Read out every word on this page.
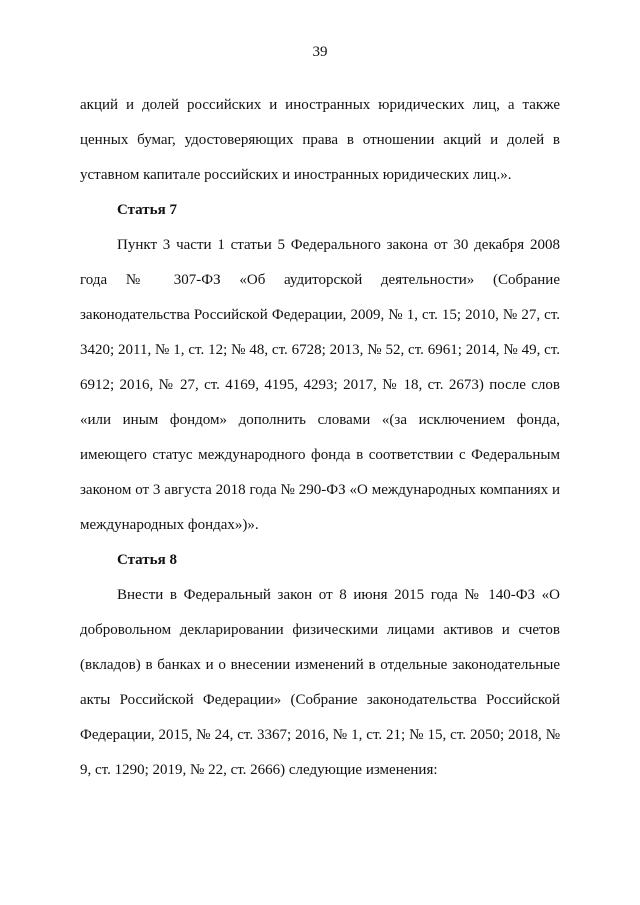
39

акций и долей российских и иностранных юридических лиц, а также ценных бумаг, удостоверяющих права в отношении акций и долей в уставном капитале российских и иностранных юридических лиц.».

Статья 7

Пункт 3 части 1 статьи 5 Федерального закона от 30 декабря 2008 года № 307-ФЗ «Об аудиторской деятельности» (Собрание законодательства Российской Федерации, 2009, № 1, ст. 15; 2010, № 27, ст. 3420; 2011, № 1, ст. 12; № 48, ст. 6728; 2013, № 52, ст. 6961; 2014, № 49, ст. 6912; 2016, № 27, ст. 4169, 4195, 4293; 2017, № 18, ст. 2673) после слов «или иным фондом» дополнить словами «(за исключением фонда, имеющего статус международного фонда в соответствии с Федеральным законом от 3 августа 2018 года № 290-ФЗ «О международных компаниях и международных фондах»)».

Статья 8

Внести в Федеральный закон от 8 июня 2015 года № 140-ФЗ «О добровольном декларировании физическими лицами активов и счетов (вкладов) в банках и о внесении изменений в отдельные законодательные акты Российской Федерации» (Собрание законодательства Российской Федерации, 2015, № 24, ст. 3367; 2016, № 1, ст. 21; № 15, ст. 2050; 2018, № 9, ст. 1290; 2019, № 22, ст. 2666) следующие изменения:
